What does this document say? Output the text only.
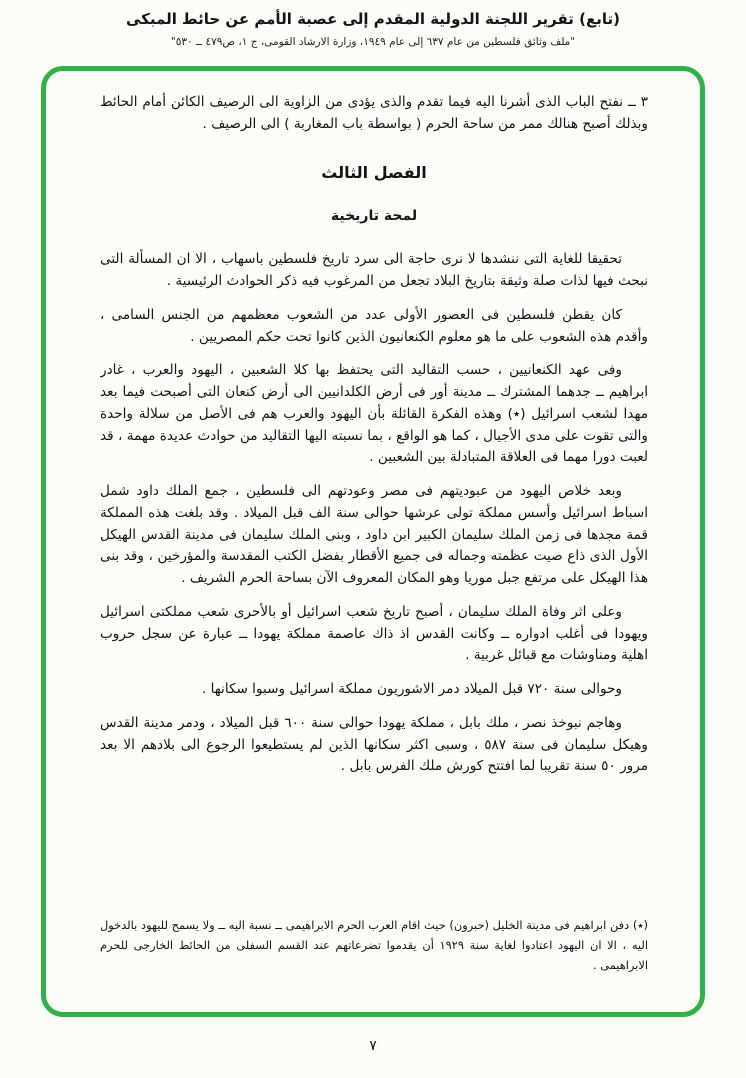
(تابع) تقرير اللجنة الدولية المقدم إلى عصبة الأمم عن حائط المبكى
"ملف وثائق فلسطين من عام ٦٣٧ إلى عام ١٩٤٩، وزارة الارشاد القومى، ج ١، ص٤٧٩ ــ ٥٣٠"

٣ ــ نفتح الباب الذى أشرنا اليه فيما تقدم والذى يؤدى من الزاوية الى الرصيف الكائن أمام الحائط وبذلك أصبح هنالك ممر من ساحة الحرم ( بواسطة باب المغاربة ) الى الرصيف .

الفصل الثالث
لمحة تاريخية

تحقيقا للغاية التى ننشدها لا نرى حاجة الى سرد تاريخ فلسطين باسهاب ، الا ان المسألة التى نبحث فيها لذات صلة وثيقة بتاريخ البلاد تجعل من المرغوب فيه ذكر الحوادث الرئيسية .

كان يقطن فلسطين فى العصور الأولى عدد من الشعوب معظمهم من الجنس السامى ، وأقدم هذه الشعوب على ما هو معلوم الكنعانيون الذين كانوا تحت حكم المصريين .

وفى عهد الكنعانيين ، حسب التقاليد التى يحتفظ بها كلا الشعبين ، اليهود والعرب ، غادر ابراهيم ــ جدهما المشترك ــ مدينة أور فى أرض الكلدانيين الى أرض كنعان التى أصبحت فيما بعد مهدا لشعب اسرائيل (٭) وهذه الفكرة القائلة بأن اليهود والعرب هم فى الأصل من سلالة واحدة والتى تقوت على مدى الأجيال ، كما هو الواقع ، بما نسبته اليها التقاليد من حوادث عديدة مهمة ، قد لعبت دورا مهما فى العلاقة المتبادلة بين الشعبين .

وبعد خلاص اليهود من عبوديتهم فى مصر وعودتهم الى فلسطين ، جمع الملك داود شمل اسباط اسرائيل وأسس مملكة تولى عرشها حوالى سنة الف قبل الميلاد . وقد بلغت هذه المملكة قمة مجدها فى زمن الملك سليمان الكبير ابن داود ، وبنى الملك سليمان فى مدينة القدس الهيكل الأول الذى ذاع صيت عظمته وجماله فى جميع الأقطار بفضل الكتب المقدسة والمؤرخين ، وقد بنى هذا الهيكل على مرتفع جبل موريا وهو المكان المعروف الآن بساحة الحرم الشريف .

وعلى اثر وفاة الملك سليمان ، أصبح تاريخ شعب اسرائيل أو بالأحرى شعب مملكتى اسرائيل ويهودا فى أغلب ادواره ــ وكانت القدس اذ ذاك عاصمة مملكة يهودا ــ عبارة عن سجل حروب اهلية ومناوشات مع قبائل غربية .

وحوالى سنة ٧٢٠ قبل الميلاد دمر الاشوريون مملكة اسرائيل وسبوا سكانها .

وهاجم نبوخذ نصر ، ملك بابل ، مملكة يهودا حوالى سنة ٦٠٠ قبل الميلاد ، ودمر مدينة القدس وهيكل سليمان فى سنة ٥٨٧ ، وسبى اكثر سكانها الذين لم يستطيعوا الرجوع الى بلادهم الا بعد مرور ٥٠ سنة تقريبا لما افتتح كورش ملك الفرس بابل .

(٭) دفن ابراهيم فى مدينة الخليل (حبرون) حيث اقام العرب الحرم الابراهيمى ــ نسبة اليه ــ ولا يسمح لليهود بالدخول اليه ، الا ان اليهود اعتادوا لغاية سنة ١٩٢٩ أن يقدموا تضرعاتهم عند القسم السفلى من الحائط الخارجى للحرم الابراهيمى .
٧
